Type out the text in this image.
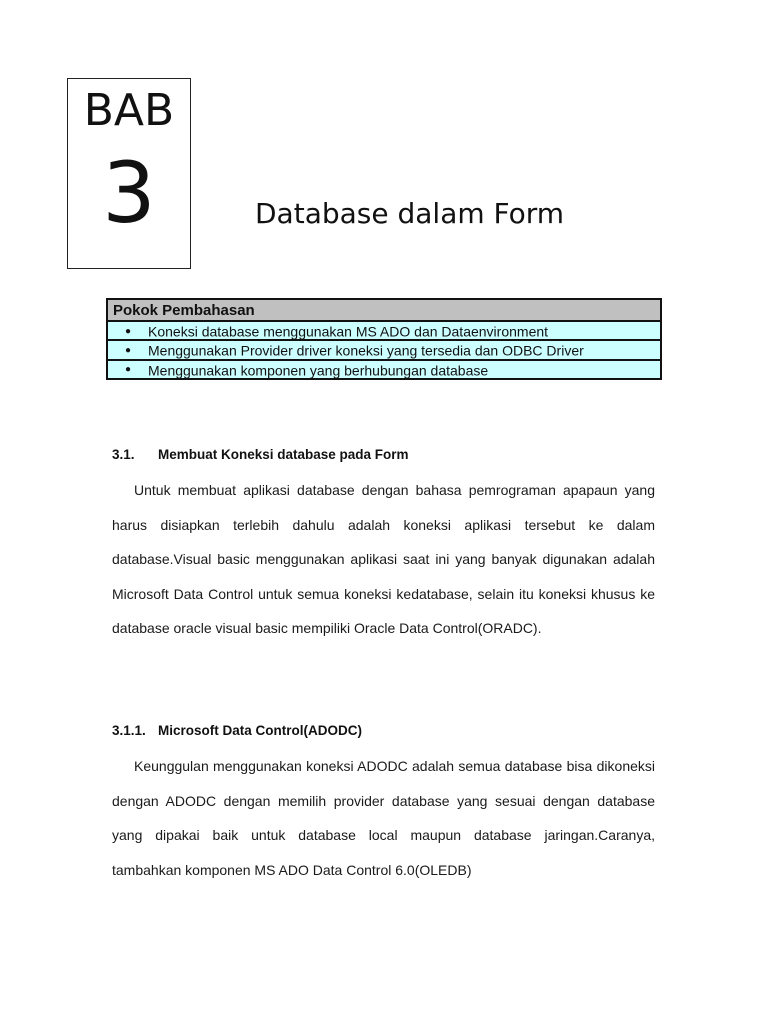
BAB
3	Database dalam Form
Pokok Pembahasan
● Koneksi database menggunakan MS ADO dan Dataenvironment
● Menggunakan Provider driver koneksi yang tersedia dan ODBC Driver
● Menggunakan komponen yang berhubungan database
3.1. Membuat Koneksi database pada Form
Untuk membuat aplikasi database dengan bahasa pemrograman apapaun yang harus disiapkan terlebih dahulu adalah koneksi aplikasi tersebut ke dalam database.Visual basic menggunakan aplikasi saat ini yang banyak digunakan adalah Microsoft Data Control untuk semua koneksi kedatabase, selain itu koneksi khusus ke database oracle visual basic mempiliki Oracle Data Control(ORADC).
3.1.1. Microsoft Data Control(ADODC)
Keunggulan menggunakan koneksi ADODC adalah semua database bisa dikoneksi dengan ADODC dengan memilih provider database yang sesuai dengan database yang dipakai baik untuk database local maupun database jaringan.Caranya, tambahkan komponen MS ADO Data Control 6.0(OLEDB)
